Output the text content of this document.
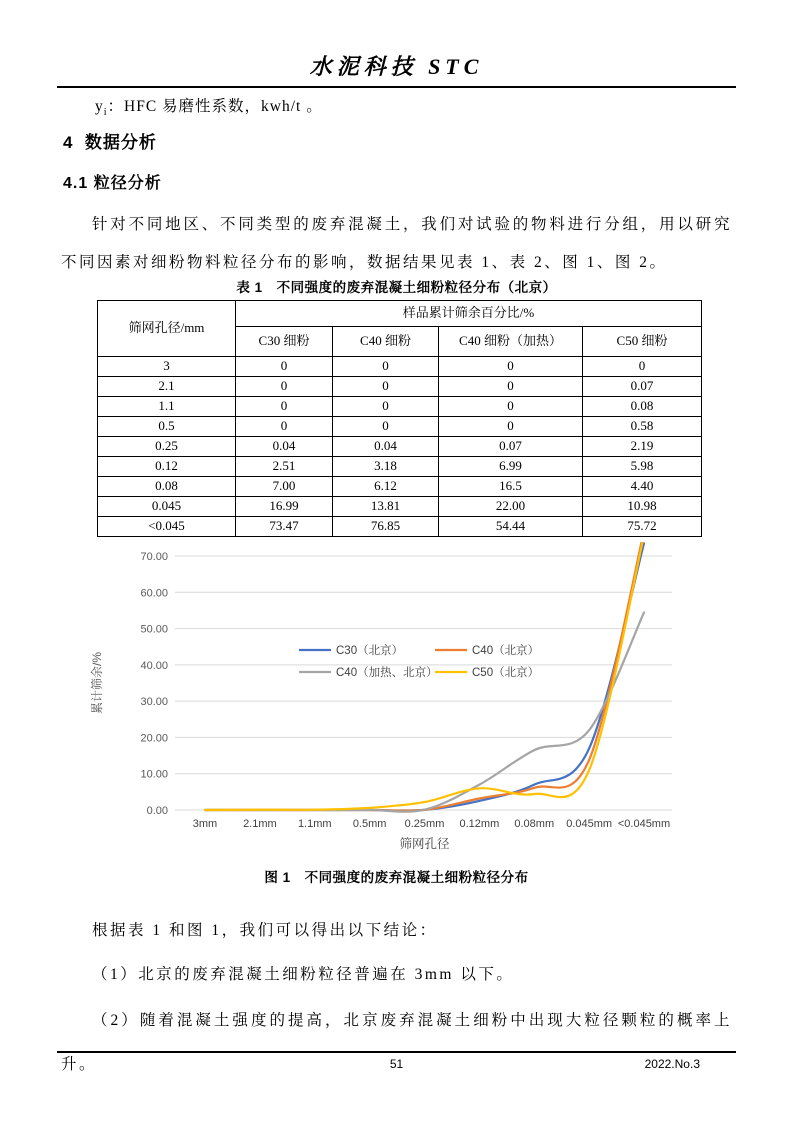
水泥科技 STC
$y_i$：HFC 易磨性系数，kwh/t 。
4  数据分析
4.1 粒径分析

针对不同地区、不同类型的废弃混凝土，我们对试验的物料进行分组，用以研究不同因素对细粉物料粒径分布的影响，数据结果见表 1、表 2、图 1、图 2。

表 1　不同强度的废弃混凝土细粉粒径分布（北京）
筛网孔径/mm	样品累计筛余百分比/%			
	C30 细粉	C40 细粉	C40 细粉（加热）	C50 细粉
3	0	0	0	0
2.1	0	0	0	0.07
1.1	0	0	0	0.08
0.5	0	0	0	0.58
0.25	0.04	0.04	0.07	2.19
0.12	2.51	3.18	6.99	5.98
0.08	7.00	6.12	16.5	4.40
0.045	16.99	13.81	22.00	10.98
<0.045	73.47	76.85	54.44	75.72
0.00
10.00
20.00
30.00
40.00
50.00
60.00
70.00
3mm 2.1mm 1.1mm 0.5mm 0.25mm 0.12mm 0.08mm 0.045mm <0.045mm
筛网孔径
累计筛余/%
C30（北京）	C40（北京）
C40（加热、北京）	C50（北京）
图 1　不同强度的废弃混凝土细粉粒径分布

根据表 1 和图 1，我们可以得出以下结论：

（1）北京的废弃混凝土细粉粒径普遍在 3mm 以下。

（2）随着混凝土强度的提高，北京废弃混凝土细粉中出现大粒径颗粒的概率上升。	51	2022.No.3
